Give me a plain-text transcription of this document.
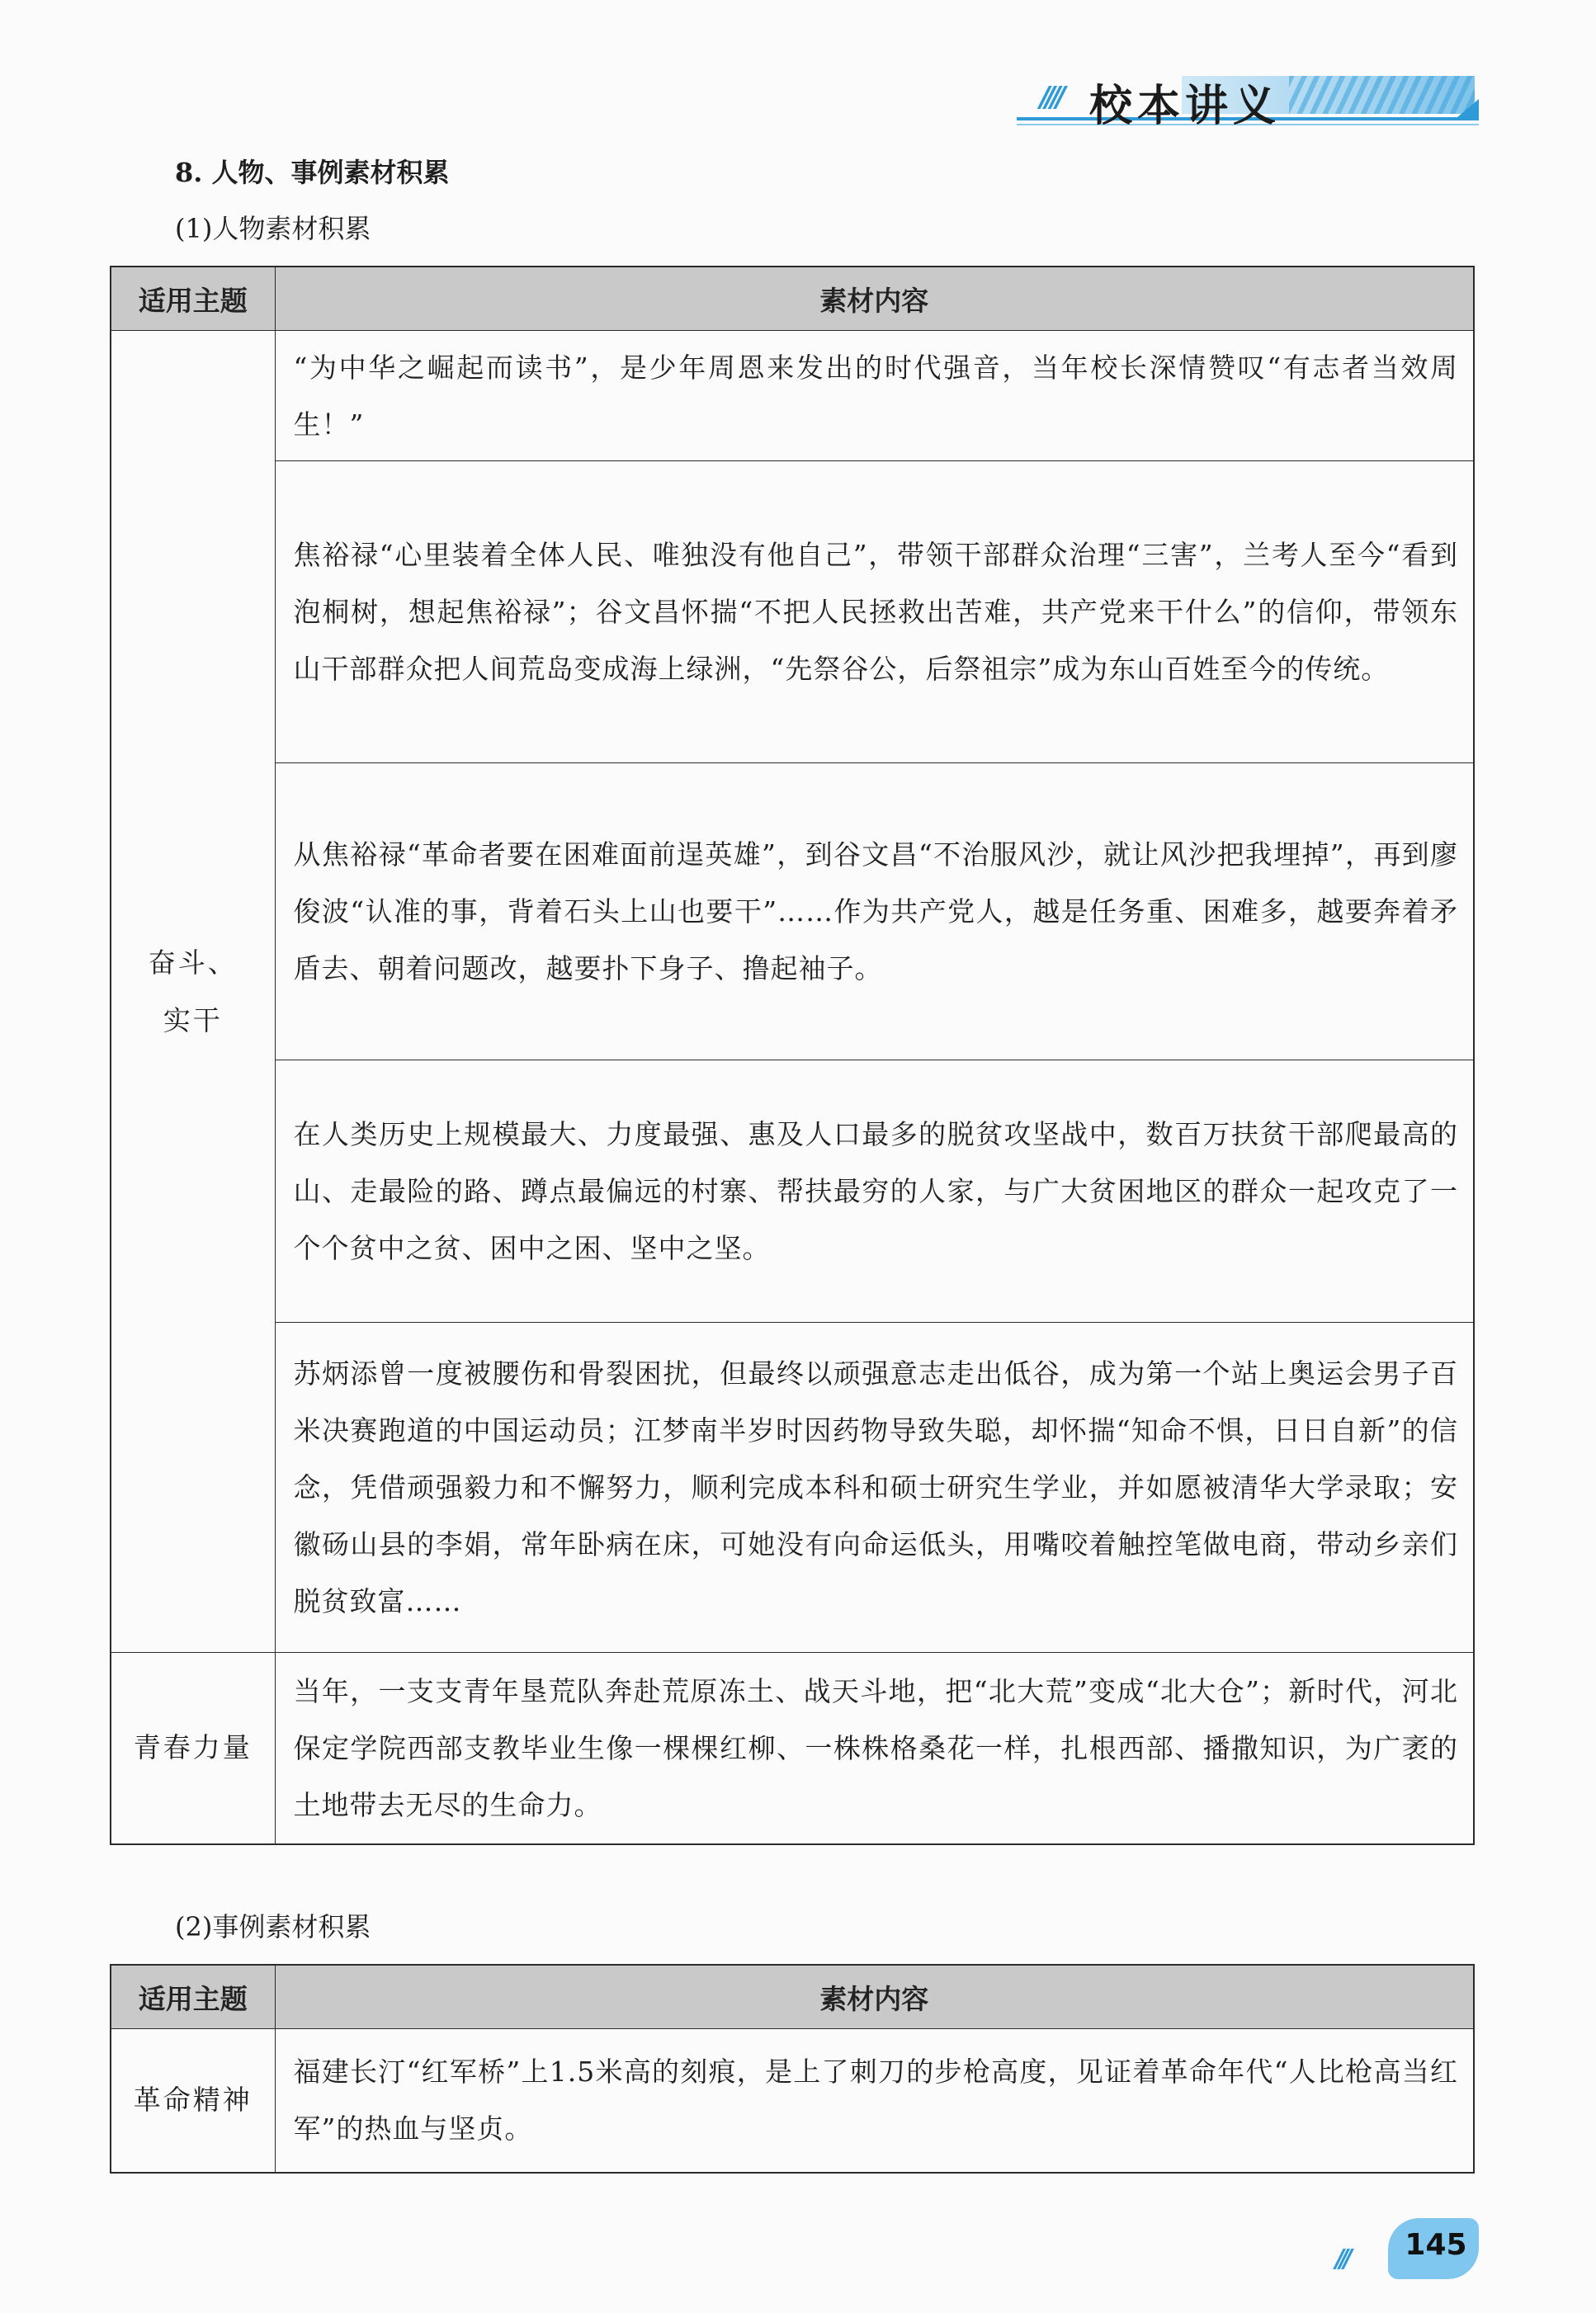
//// 校本讲义
8. 人物、事例素材积累
(1)人物素材积累
适用主题	素材内容
奋斗、
实干	“为中华之崛起而读书”，是少年周恩来发出的时代强音，当年校长深情赞叹“有志者当效周生！”
	焦裕禄“心里装着全体人民、唯独没有他自己”，带领干部群众治理“三害”，兰考人至今“看到泡桐树，想起焦裕禄”；谷文昌怀揣“不把人民拯救出苦难，共产党来干什么”的信仰，带领东山干部群众把人间荒岛变成海上绿洲，“先祭谷公，后祭祖宗”成为东山百姓至今的传统。
	从焦裕禄“革命者要在困难面前逞英雄”，到谷文昌“不治服风沙，就让风沙把我埋掉”，再到廖俊波“认准的事，背着石头上山也要干”……作为共产党人，越是任务重、困难多，越要奔着矛盾去、朝着问题改，越要扑下身子、撸起袖子。
	在人类历史上规模最大、力度最强、惠及人口最多的脱贫攻坚战中，数百万扶贫干部爬最高的山、走最险的路、蹲点最偏远的村寨、帮扶最穷的人家，与广大贫困地区的群众一起攻克了一个个贫中之贫、困中之困、坚中之坚。
	苏炳添曾一度被腰伤和骨裂困扰，但最终以顽强意志走出低谷，成为第一个站上奥运会男子百米决赛跑道的中国运动员；江梦南半岁时因药物导致失聪，却怀揣“知命不惧，日日自新”的信念，凭借顽强毅力和不懈努力，顺利完成本科和硕士研究生学业，并如愿被清华大学录取；安徽砀山县的李娟，常年卧病在床，可她没有向命运低头，用嘴咬着触控笔做电商，带动乡亲们脱贫致富……
青春力量	当年，一支支青年垦荒队奔赴荒原冻土、战天斗地，把“北大荒”变成“北大仓”；新时代，河北保定学院西部支教毕业生像一棵棵红柳、一株株格桑花一样，扎根西部、播撒知识，为广袤的土地带去无尽的生命力。
(2)事例素材积累
适用主题	素材内容
革命精神	福建长汀“红军桥”上1.5米高的刻痕，是上了刺刀的步枪高度，见证着革命年代“人比枪高当红军”的热血与坚贞。
///	145
